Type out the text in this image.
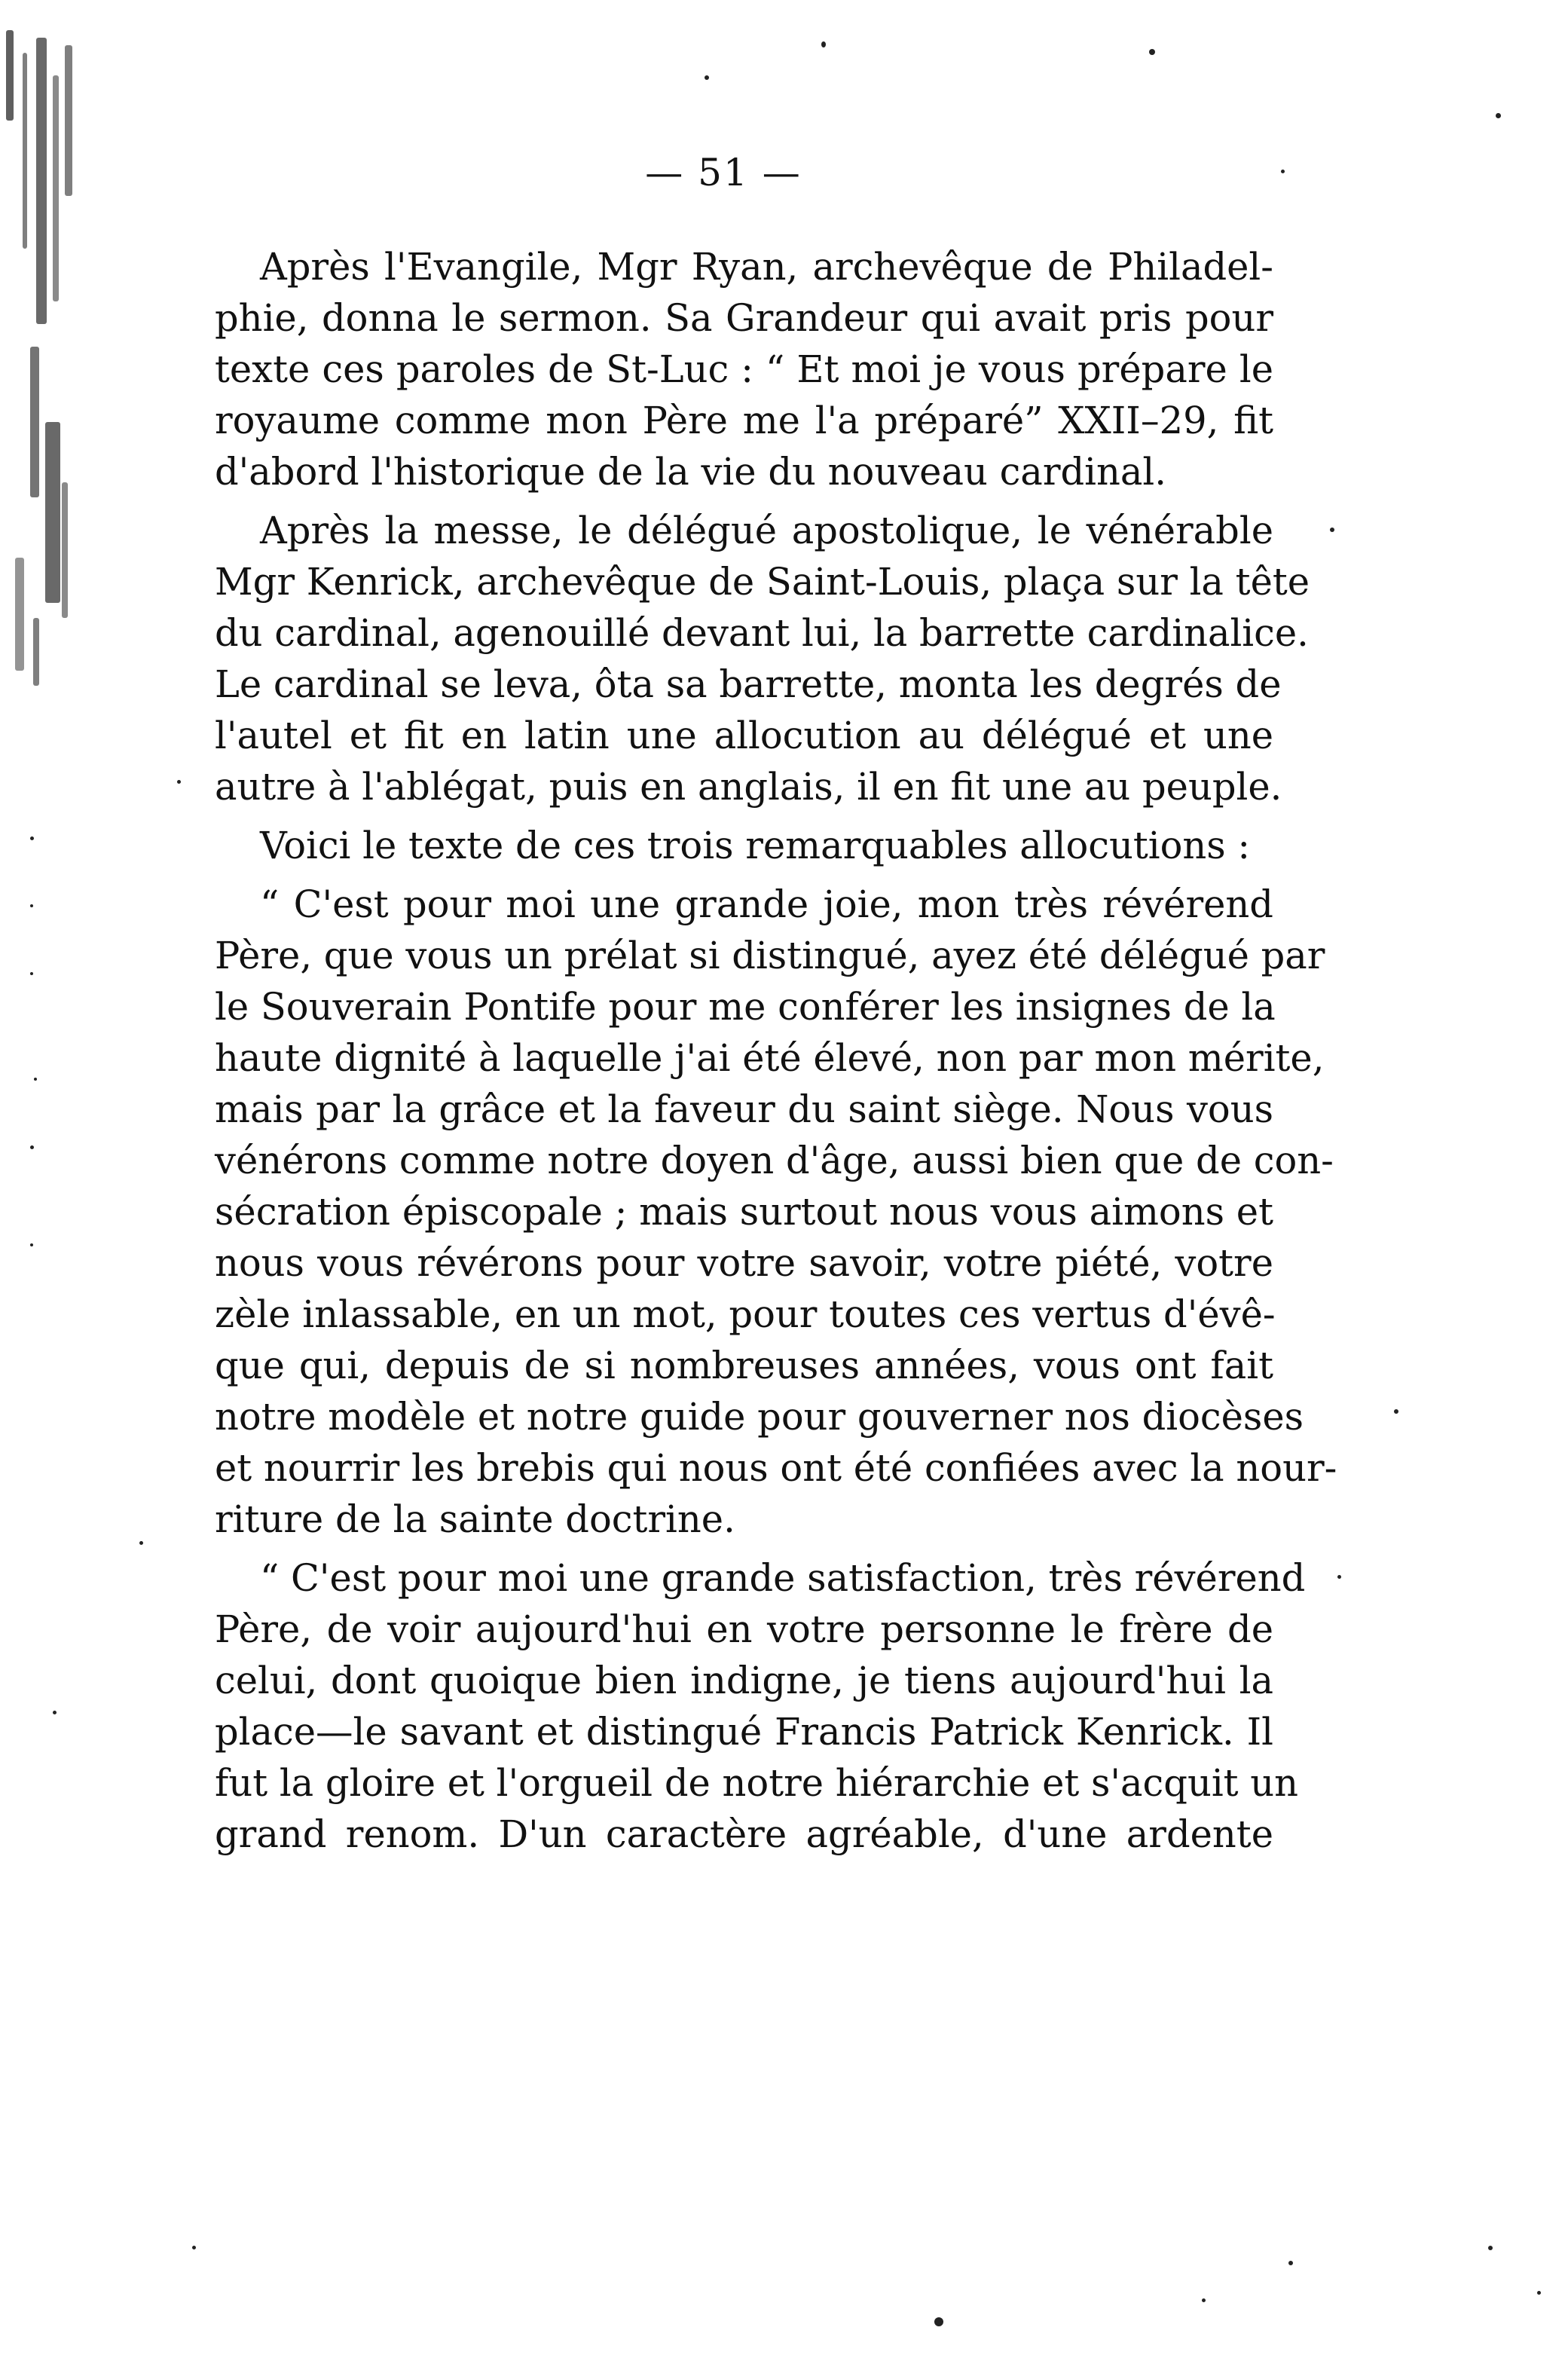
— 51 —

Après l'Evangile, Mgr Ryan, archevêque de Philadel-
phie, donna le sermon. Sa Grandeur qui avait pris pour
texte ces paroles de St-Luc : “ Et moi je vous prépare le
royaume comme mon Père me l'a préparé” XXII–29, fit
d'abord l'historique de la vie du nouveau cardinal.

Après la messe, le délégué apostolique, le vénérable
Mgr Kenrick, archevêque de Saint-Louis, plaça sur la tête
du cardinal, agenouillé devant lui, la barrette cardinalice.
Le cardinal se leva, ôta sa barrette, monta les degrés de
l'autel et fit en latin une allocution au délégué et une
autre à l'ablégat, puis en anglais, il en fit une au peuple.

Voici le texte de ces trois remarquables allocutions :

“ C'est pour moi une grande joie, mon très révérend
Père, que vous un prélat si distingué, ayez été délégué par
le Souverain Pontife pour me conférer les insignes de la
haute dignité à laquelle j'ai été élevé, non par mon mérite,
mais par la grâce et la faveur du saint siège. Nous vous
vénérons comme notre doyen d'âge, aussi bien que de con-
sécration épiscopale ; mais surtout nous vous aimons et
nous vous révérons pour votre savoir, votre piété, votre
zèle inlassable, en un mot, pour toutes ces vertus d'évê-
que qui, depuis de si nombreuses années, vous ont fait
notre modèle et notre guide pour gouverner nos diocèses
et nourrir les brebis qui nous ont été confiées avec la nour-
riture de la sainte doctrine.

“ C'est pour moi une grande satisfaction, très révérend
Père, de voir aujourd'hui en votre personne le frère de
celui, dont quoique bien indigne, je tiens aujourd'hui la
place—le savant et distingué Francis Patrick Kenrick. Il
fut la gloire et l'orgueil de notre hiérarchie et s'acquit un
grand renom. D'un caractère agréable, d'une ardente
